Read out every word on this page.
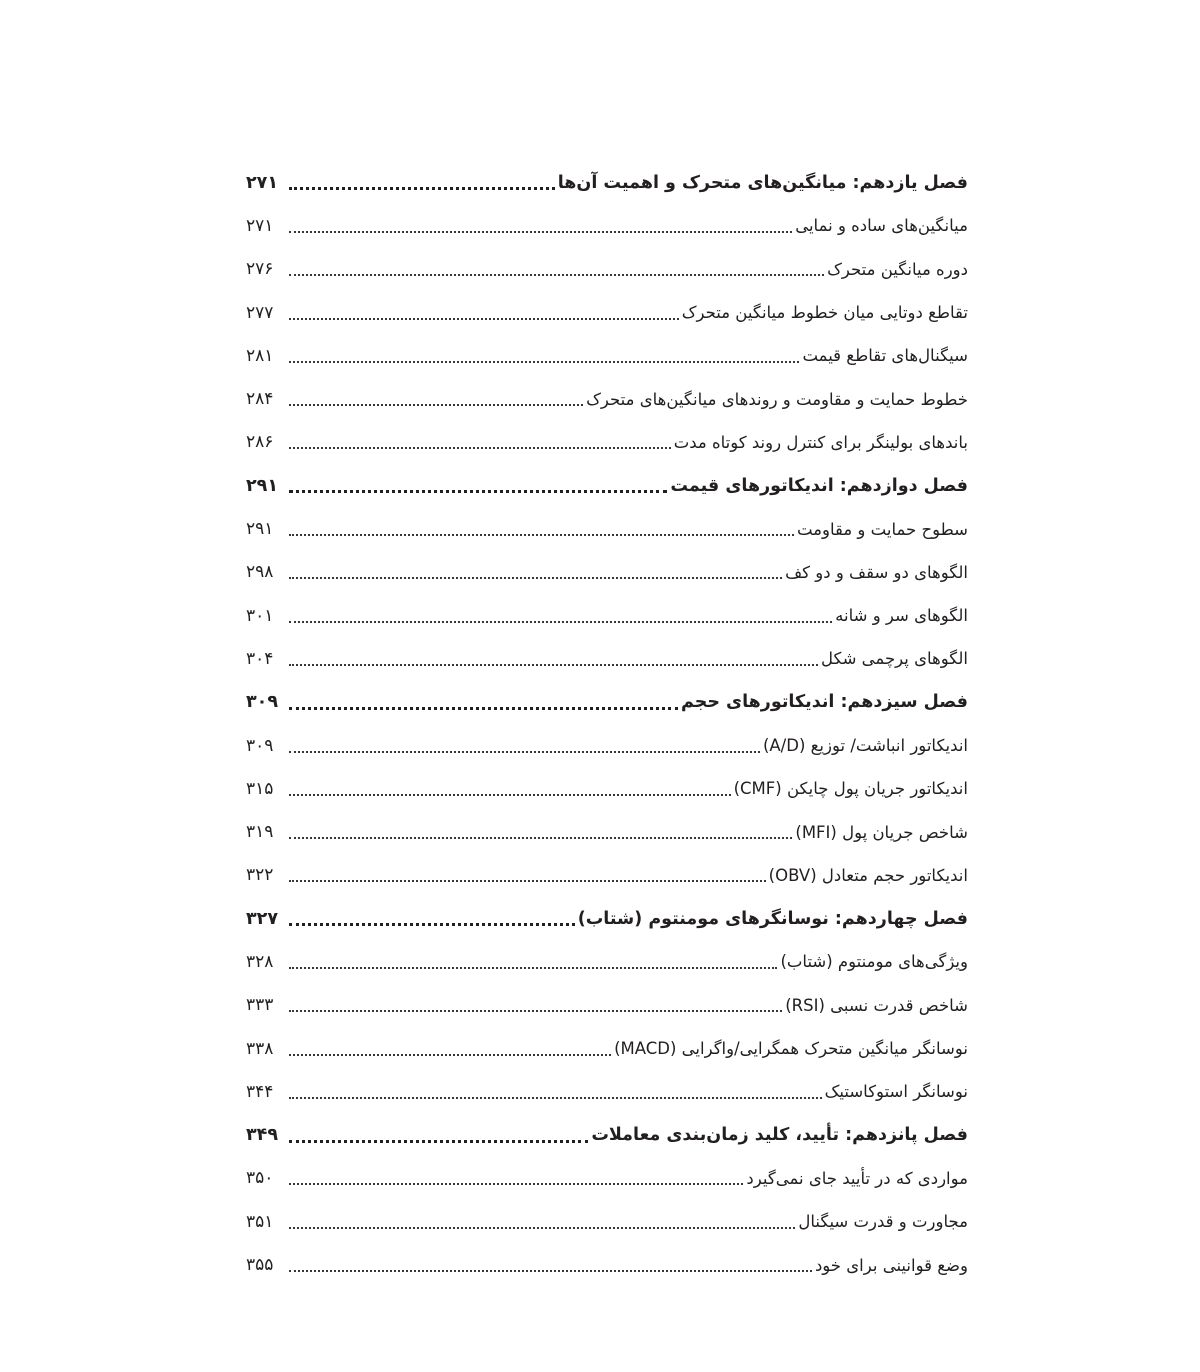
فصل یازدهم: میانگین‌های متحرک و اهمیت آن‌ها
۲۷۱
میانگین‌های ساده و نمایی
۲۷۱
دوره میانگین متحرک
۲۷۶
تقاطع دوتایی میان خطوط میانگین متحرک
۲۷۷
سیگنال‌های تقاطع قیمت
۲۸۱
خطوط حمایت و مقاومت و روندهای میانگین‌های متحرک
۲۸۴
باندهای بولینگر برای کنترل روند کوتاه مدت
۲۸۶
فصل دوازدهم: اندیکاتورهای قیمت
۲۹۱
سطوح حمایت و مقاومت
۲۹۱
الگوهای دو سقف و دو کف
۲۹۸
الگوهای سر و شانه
۳۰۱
الگوهای پرچمی شکل
۳۰۴
فصل سیزدهم: اندیکاتورهای حجم
۳۰۹
اندیکاتور انباشت/ توزیع (A/D)
۳۰۹
اندیکاتور جریان پول چایکن (CMF)
۳۱۵
شاخص جریان پول (MFI)
۳۱۹
اندیکاتور حجم متعادل (OBV)
۳۲۲
فصل چهاردهم: نوسانگرهای مومنتوم (شتاب)
۳۲۷
ویژگی‌های مومنتوم (شتاب)
۳۲۸
شاخص قدرت نسبی (RSI)
۳۳۳
نوسانگر میانگین متحرک همگرایی/واگرایی (MACD)
۳۳۸
نوسانگر استوکاستیک
۳۴۴
فصل پانزدهم: تأیید، کلید زمان‌بندی معاملات
۳۴۹
مواردی که در تأیید جای نمی‌گیرد
۳۵۰
مجاورت و قدرت سیگنال
۳۵۱
وضع قوانینی برای خود
۳۵۵
